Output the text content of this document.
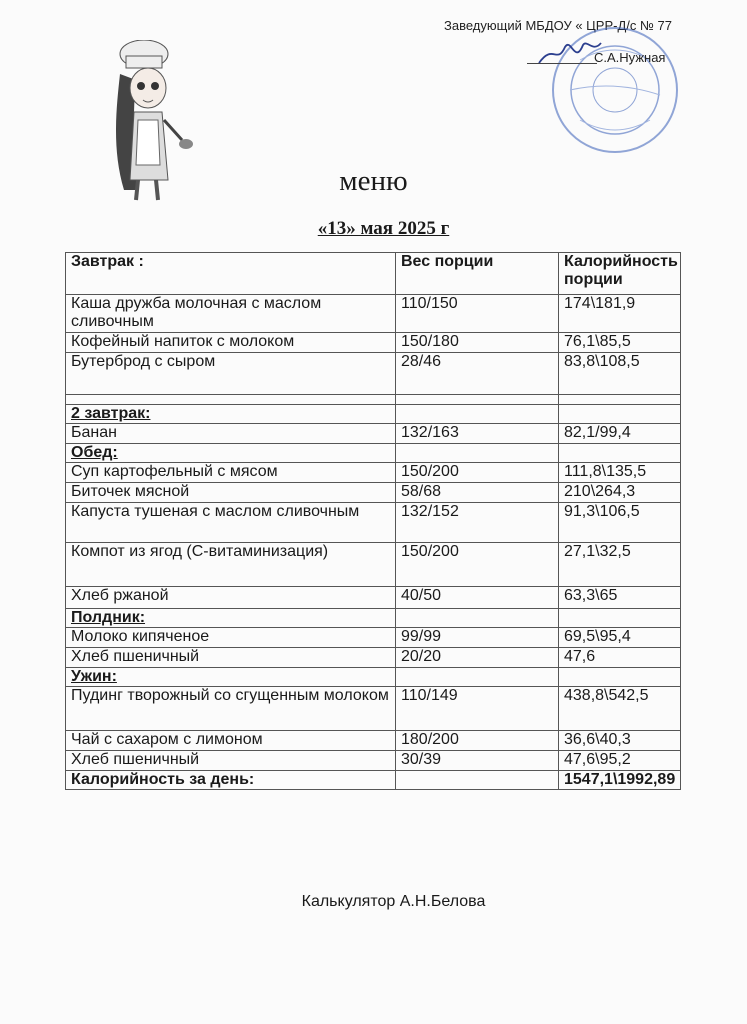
Заведующий МБДОУ « ЦРР-Д/с № 77
С.А.Нужная
меню
«13» мая 2025 г
Завтрак :	Вес порции	Калорийность порции
Каша дружба молочная с маслом сливочным	110/150	174\181,9
Кофейный напиток с молоком	150/180	76,1\85,5
Бутерброд с сыром	28/46	83,8\108,5

2 завтрак:		
Банан	132/163	82,1/99,4
Обед:		
Суп картофельный с мясом	150/200	111,8\135,5
Биточек мясной	58/68	210\264,3
Капуста тушеная с маслом сливочным	132/152	91,3\106,5
Компот из ягод (С-витаминизация)	150/200	27,1\32,5
Хлеб ржаной	40/50	63,3\65
Полдник:		
Молоко кипяченое	99/99	69,5\95,4
Хлеб пшеничный	20/20	47,6
Ужин:		
Пудинг творожный со сгущенным молоком	110/149	438,8\542,5
Чай с сахаром с лимоном	180/200	36,6\40,3
Хлеб пшеничный	30/39	47,6\95,2
Калорийность за день:		1547,1\1992,89
Калькулятор А.Н.Белова
